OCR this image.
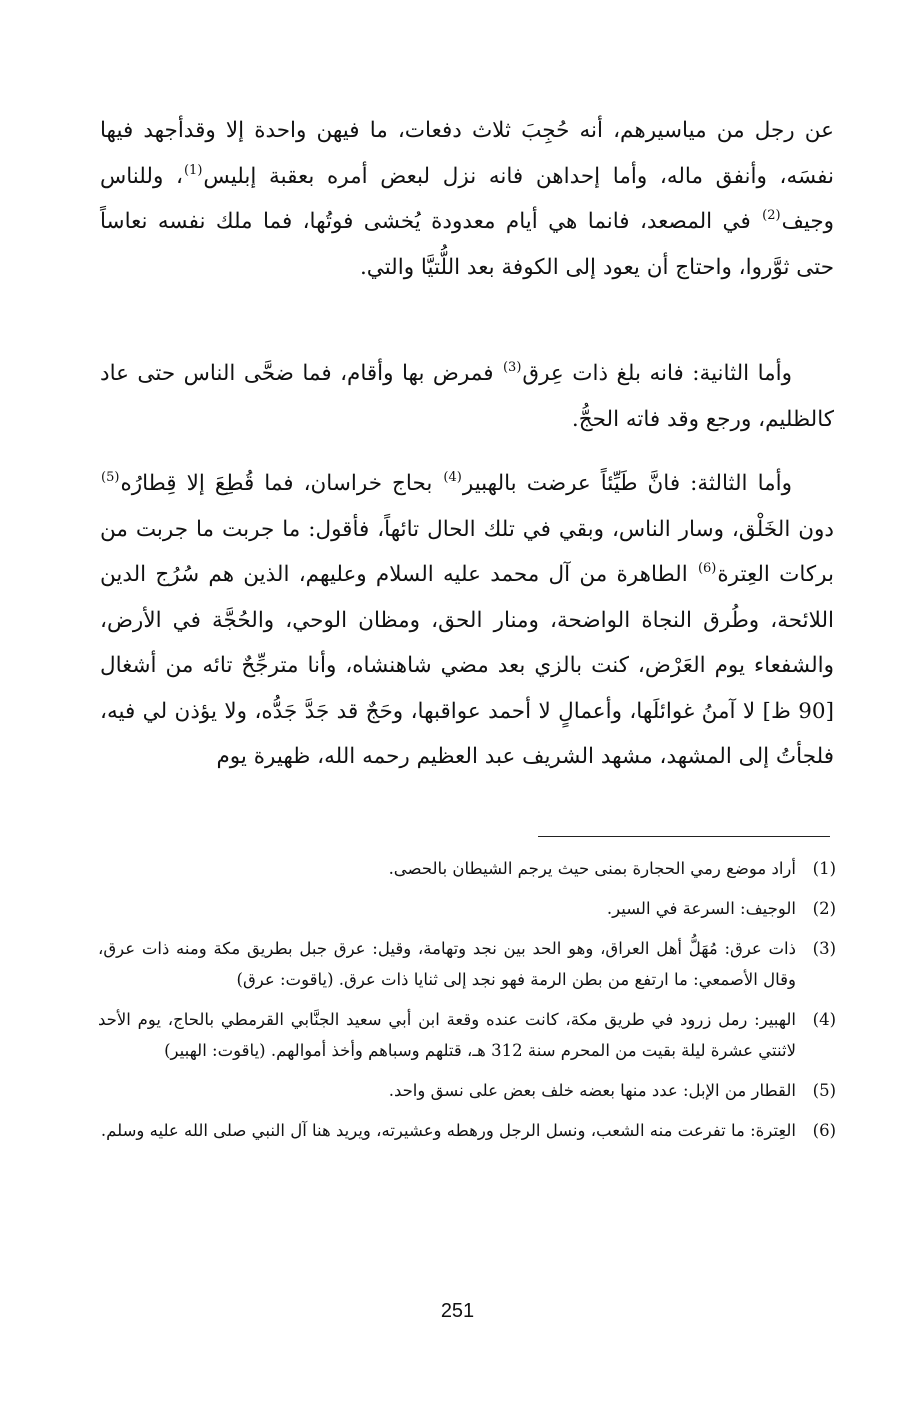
عن رجل من مياسيرهم، أنه حُجِبَ ثلاث دفعات، ما فيهن واحدة إلا وقدأجهد فيها نفسَه، وأنفق ماله، وأما إحداهن فانه نزل لبعض أمره بعقبة إبليس$^{(1)}$، وللناس وجيف$^{(2)}$ في المصعد، فانما هي أيام معدودة يُخشى فوتُها، فما ملك نفسه نعاساً حتى ثوَّروا، واحتاج أن يعود إلى الكوفة بعد اللُّتيَّا والتي.
وأما الثانية: فانه بلغ ذات عِرق$^{(3)}$ فمرض بها وأقام، فما ضحَّى الناس حتى عاد كالظليم، ورجع وقد فاته الحجُّ.
وأما الثالثة: فانَّ طَيِّئاً عرضت بالهبير$^{(4)}$ بحاج خراسان، فما قُطِعَ إلا قِطارُه$^{(5)}$ دون الخَلْق، وسار الناس، وبقي في تلك الحال تائهاً، فأقول: ما جربت ما جربت من بركات العِترة$^{(6)}$ الطاهرة من آل محمد عليه السلام وعليهم، الذين هم سُرُج الدين اللائحة، وطُرق النجاة الواضحة، ومنار الحق، ومظان الوحي، والحُجَّة في الأرض، والشفعاء يوم العَرْض، كنت بالزي بعد مضي شاهنشاه، وأنا مترجِّحٌ تائه من أشغال [90 ظ] لا آمنُ غوائلَها، وأعمالٍ لا أحمد عواقبها، وحَجٌ قد جَدَّ جَدُّه، ولا يؤذن لي فيه، فلجأتُ إلى المشهد، مشهد الشريف عبد العظيم رحمه الله، ظهيرة يوم
(1)
أراد موضع رمي الحجارة بمنى حيث يرجم الشيطان بالحصى.
(2)
الوجيف: السرعة في السير.
(3)
ذات عرق: مُهَلُّ أهل العراق، وهو الحد بين نجد وتهامة، وقيل: عرق جبل بطريق مكة ومنه ذات عرق، وقال الأصمعي: ما ارتفع من بطن الرمة فهو نجد إلى ثنايا ذات عرق. (ياقوت: عرق)
(4)
الهبير: رمل زرود في طريق مكة، كانت عنده وقعة ابن أبي سعيد الجنَّابي القرمطي بالحاج، يوم الأحد لاثنتي عشرة ليلة بقيت من المحرم سنة 312 هـ، قتلهم وسباهم وأخذ أموالهم. (ياقوت: الهبير)
(5)
القطار من الإبل: عدد منها بعضه خلف بعض على نسق واحد.
(6)
العِترة: ما تفرعت منه الشعب، ونسل الرجل ورهطه وعشيرته، ويريد هنا آل النبي صلى الله عليه وسلم.
251
